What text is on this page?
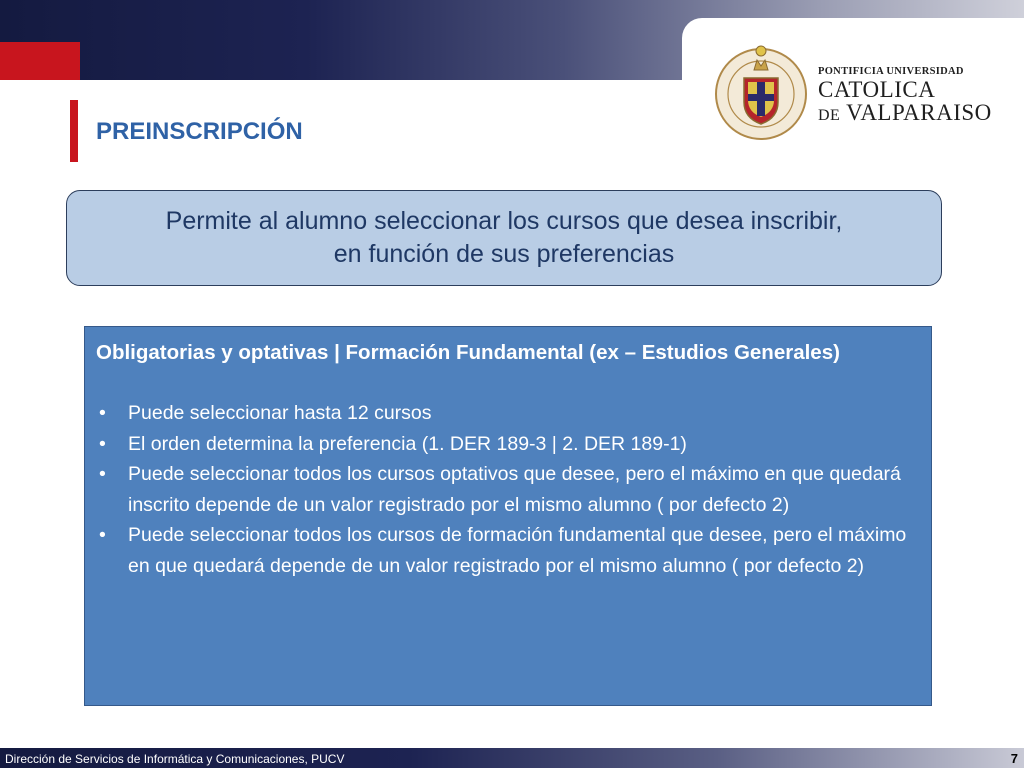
PONTIFICIA UNIVERSIDAD
CATOLICA
DE VALPARAISO
PREINSCRIPCIÓN
Permite al alumno seleccionar los cursos que desea inscribir,
en función de sus preferencias

Obligatorias y optativas | Formación Fundamental (ex – Estudios Generales)

• Puede seleccionar hasta 12 cursos
• El orden determina la preferencia (1. DER 189-3 | 2. DER 189-1)
• Puede seleccionar todos los cursos optativos que desee, pero el máximo en que quedará inscrito depende de un valor registrado por el mismo alumno ( por defecto 2)
• Puede seleccionar todos los cursos de formación fundamental que desee, pero el máximo en que quedará depende de un valor registrado por el mismo alumno ( por defecto 2)
Dirección de Servicios de Informática y Comunicaciones, PUCV	7
